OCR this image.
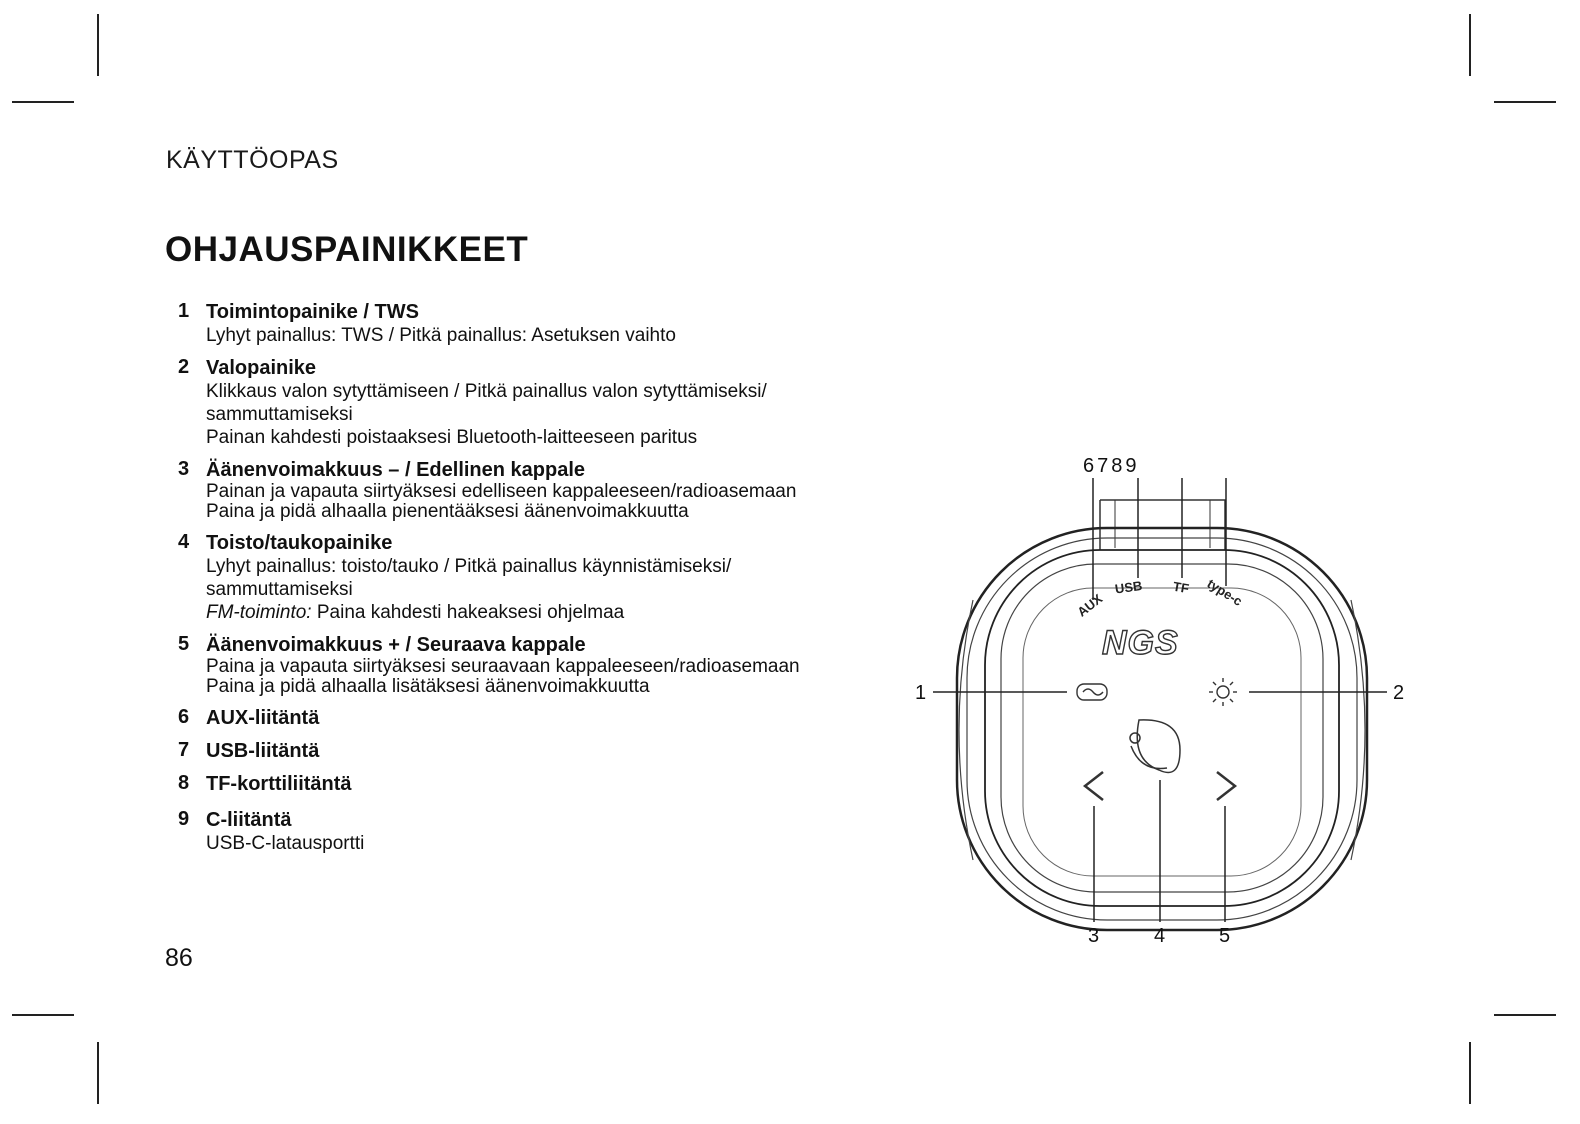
KÄYTTÖOPAS
OHJAUSPAINIKKEET
1 Toimintopainike / TWS
Lyhyt painallus: TWS / Pitkä painallus: Asetuksen vaihto
2 Valopainike
Klikkaus valon sytyttämiseen / Pitkä painallus valon sytyttämiseksi/
sammuttamiseksi
Painan kahdesti poistaaksesi Bluetooth-laitteeseen paritus
3 Äänenvoimakkuus – / Edellinen kappale
Painan ja vapauta siirtyäksesi edelliseen kappaleeseen/radioasemaan
Paina ja pidä alhaalla pienentääksesi äänenvoimakkuutta
4 Toisto/taukopainike
Lyhyt painallus: toisto/tauko / Pitkä painallus käynnistämiseksi/
sammuttamiseksi
FM-toiminto: Paina kahdesti hakeaksesi ohjelmaa
5 Äänenvoimakkuus + / Seuraava kappale
Paina ja vapauta siirtyäksesi seuraavaan kappaleeseen/radioasemaan
Paina ja pidä alhaalla lisätäksesi äänenvoimakkuutta
6 AUX-liitäntä
7 USB-liitäntä
8 TF-korttiliitäntä
9 C-liitäntä
USB-C-latausportti
86
AUX
USB TF type-c
NGS
6789
1	2
3	4	5
